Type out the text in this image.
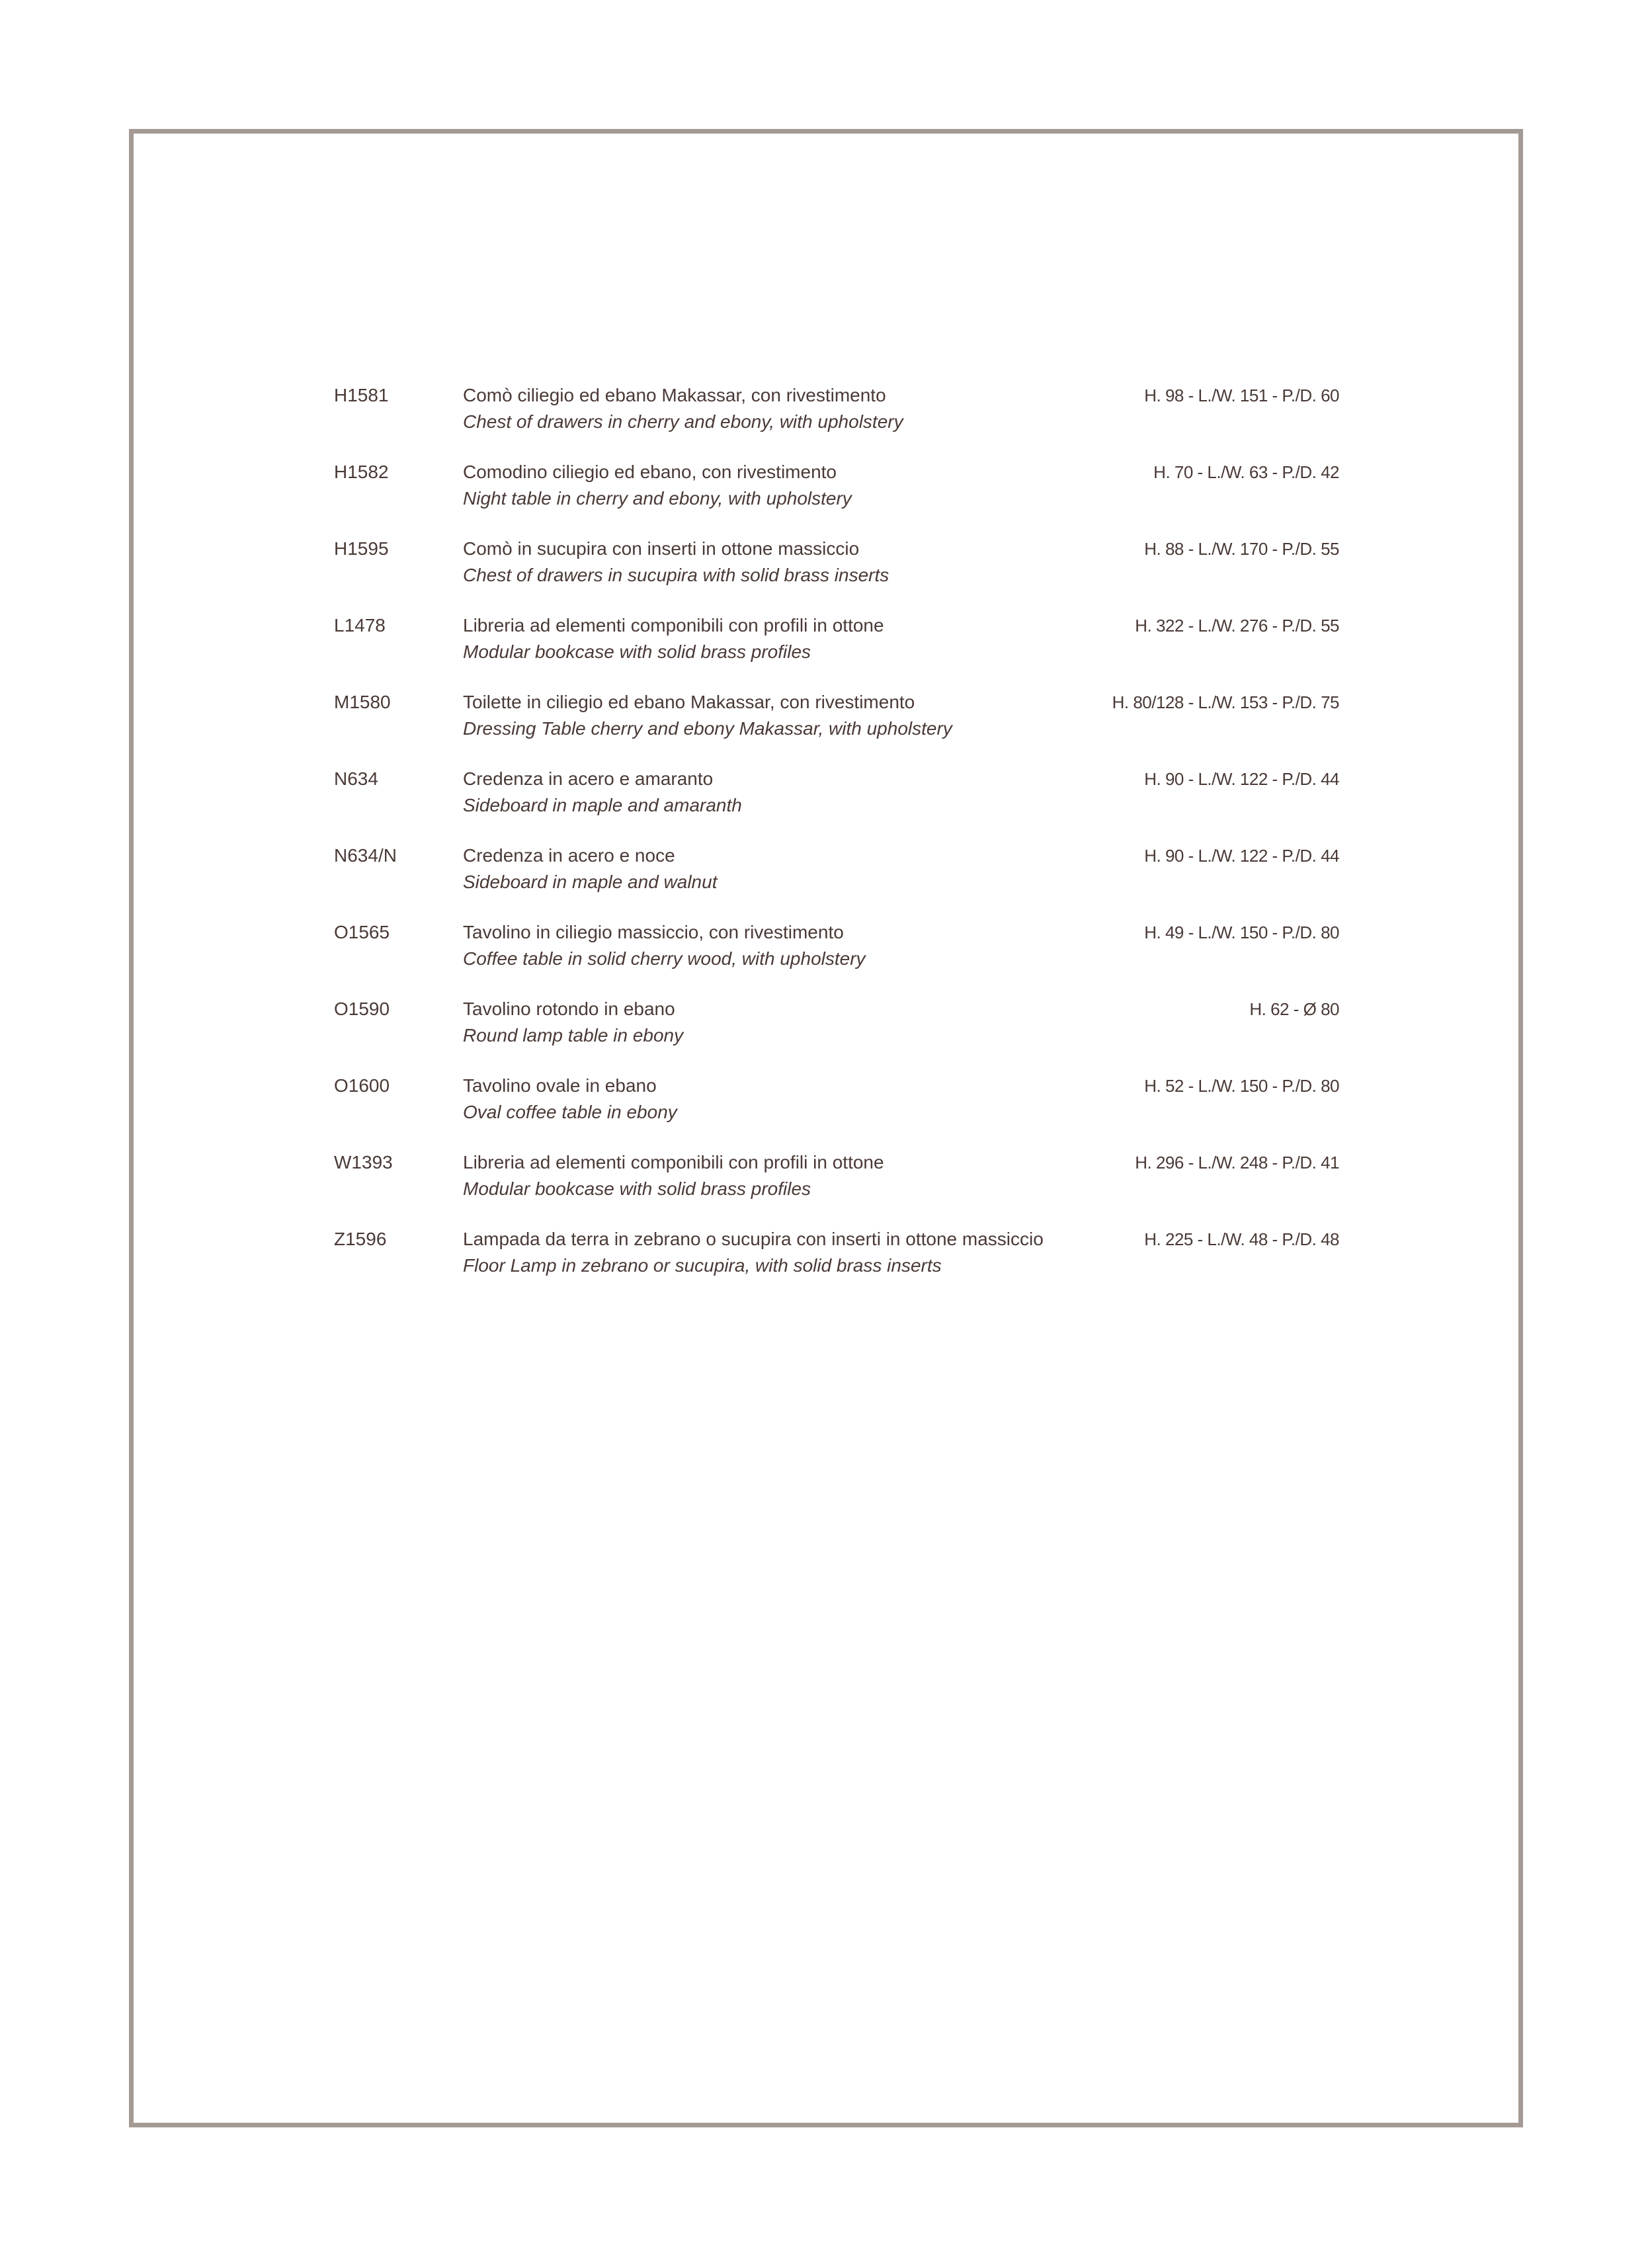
H1581	Comò ciliegio ed ebano Makassar, con rivestimento
Chest of drawers in cherry and ebony, with upholstery
H. 98 - L./W. 151 - P./D. 60
H1582	Comodino ciliegio ed ebano, con rivestimento
Night table in cherry and ebony, with upholstery
H. 70 - L./W. 63 - P./D. 42
H1595	Comò in sucupira con inserti in ottone massiccio
Chest of drawers in sucupira with solid brass inserts
H. 88 - L./W. 170 - P./D. 55
L1478	Libreria ad elementi componibili con profili in ottone
Modular bookcase with solid brass profiles
H. 322 - L./W. 276 - P./D. 55
M1580	Toilette in ciliegio ed ebano Makassar, con rivestimento
Dressing Table cherry and ebony Makassar, with upholstery
H. 80/128 - L./W. 153 - P./D. 75
N634	Credenza in acero e amaranto
Sideboard in maple and amaranth
H. 90 - L./W. 122 - P./D. 44
N634/N	Credenza in acero e noce
Sideboard in maple and walnut
H. 90 - L./W. 122 - P./D. 44
O1565	Tavolino in ciliegio massiccio, con rivestimento
Coffee table in solid cherry wood, with upholstery
H. 49 - L./W. 150 - P./D. 80
O1590	Tavolino rotondo in ebano
Round lamp table in ebony
H. 62 - Ø 80
O1600	Tavolino ovale in ebano
Oval coffee table in ebony
H. 52 - L./W. 150 - P./D. 80
W1393	Libreria ad elementi componibili con profili in ottone
Modular bookcase with solid brass profiles
H. 296 - L./W. 248 - P./D. 41
Z1596	Lampada da terra in zebrano o sucupira con inserti in ottone massiccio
Floor Lamp in zebrano or sucupira, with solid brass inserts
H. 225 - L./W. 48 - P./D. 48
